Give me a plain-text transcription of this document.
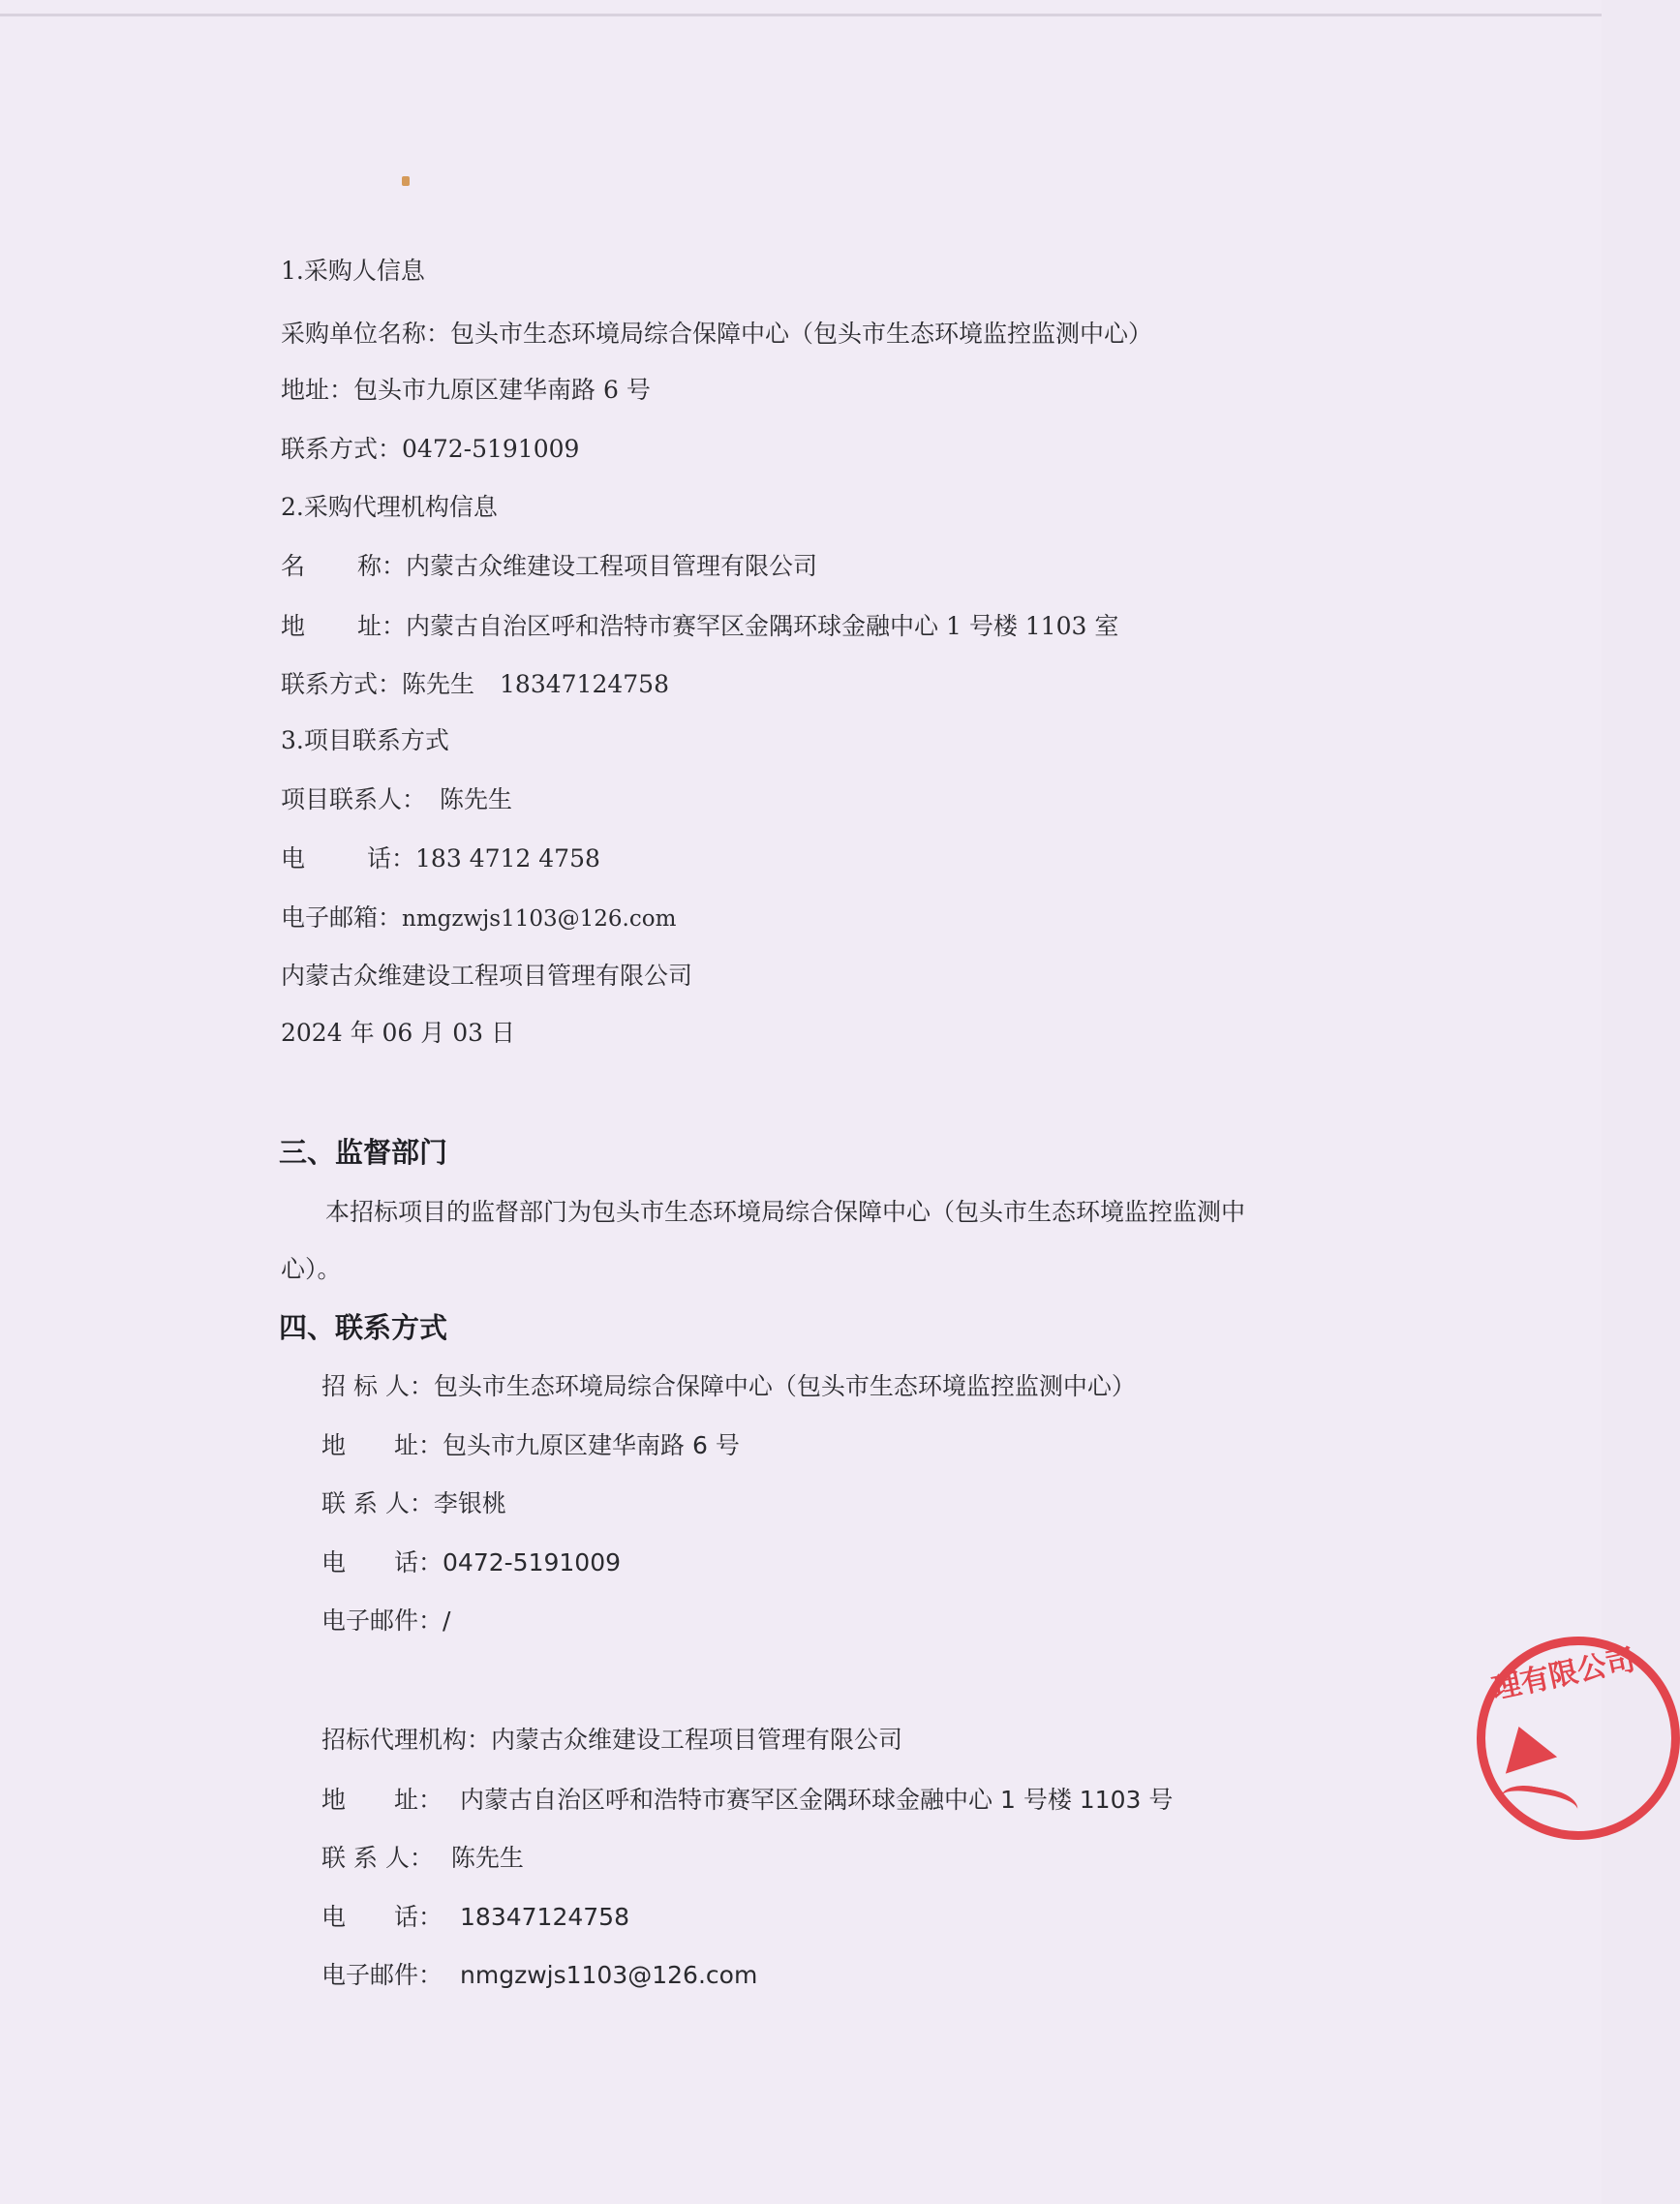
1.采购人信息
采购单位名称：包头市生态环境局综合保障中心（包头市生态环境监控监测中心）
地址：包头市九原区建华南路 6 号
联系方式：0472-5191009
2.采购代理机构信息
名 称：内蒙古众维建设工程项目管理有限公司
地 址：内蒙古自治区呼和浩特市赛罕区金隅环球金融中心 1 号楼 1103 室
联系方式：陈先生 18347124758
3.项目联系方式
项目联系人： 陈先生
电	话：183 4712 4758
电子邮箱：nmgzwjs1103@126.com
内蒙古众维建设工程项目管理有限公司
2024 年 06 月 03 日
三、监督部门
本招标项目的监督部门为包头市生态环境局综合保障中心（包头市生态环境监控监测中
心）。
四、联系方式
招 标 人：包头市生态环境局综合保障中心（包头市生态环境监控监测中心）
地 址：包头市九原区建华南路 6 号
联 系 人：李银桃
电 话：0472-5191009
电子邮件：/
招标代理机构：内蒙古众维建设工程项目管理有限公司
地 址： 内蒙古自治区呼和浩特市赛罕区金隅环球金融中心 1 号楼 1103 号
联 系 人： 陈先生
电 话： 18347124758
电子邮件： nmgzwjs1103@126.com
理有限公司
